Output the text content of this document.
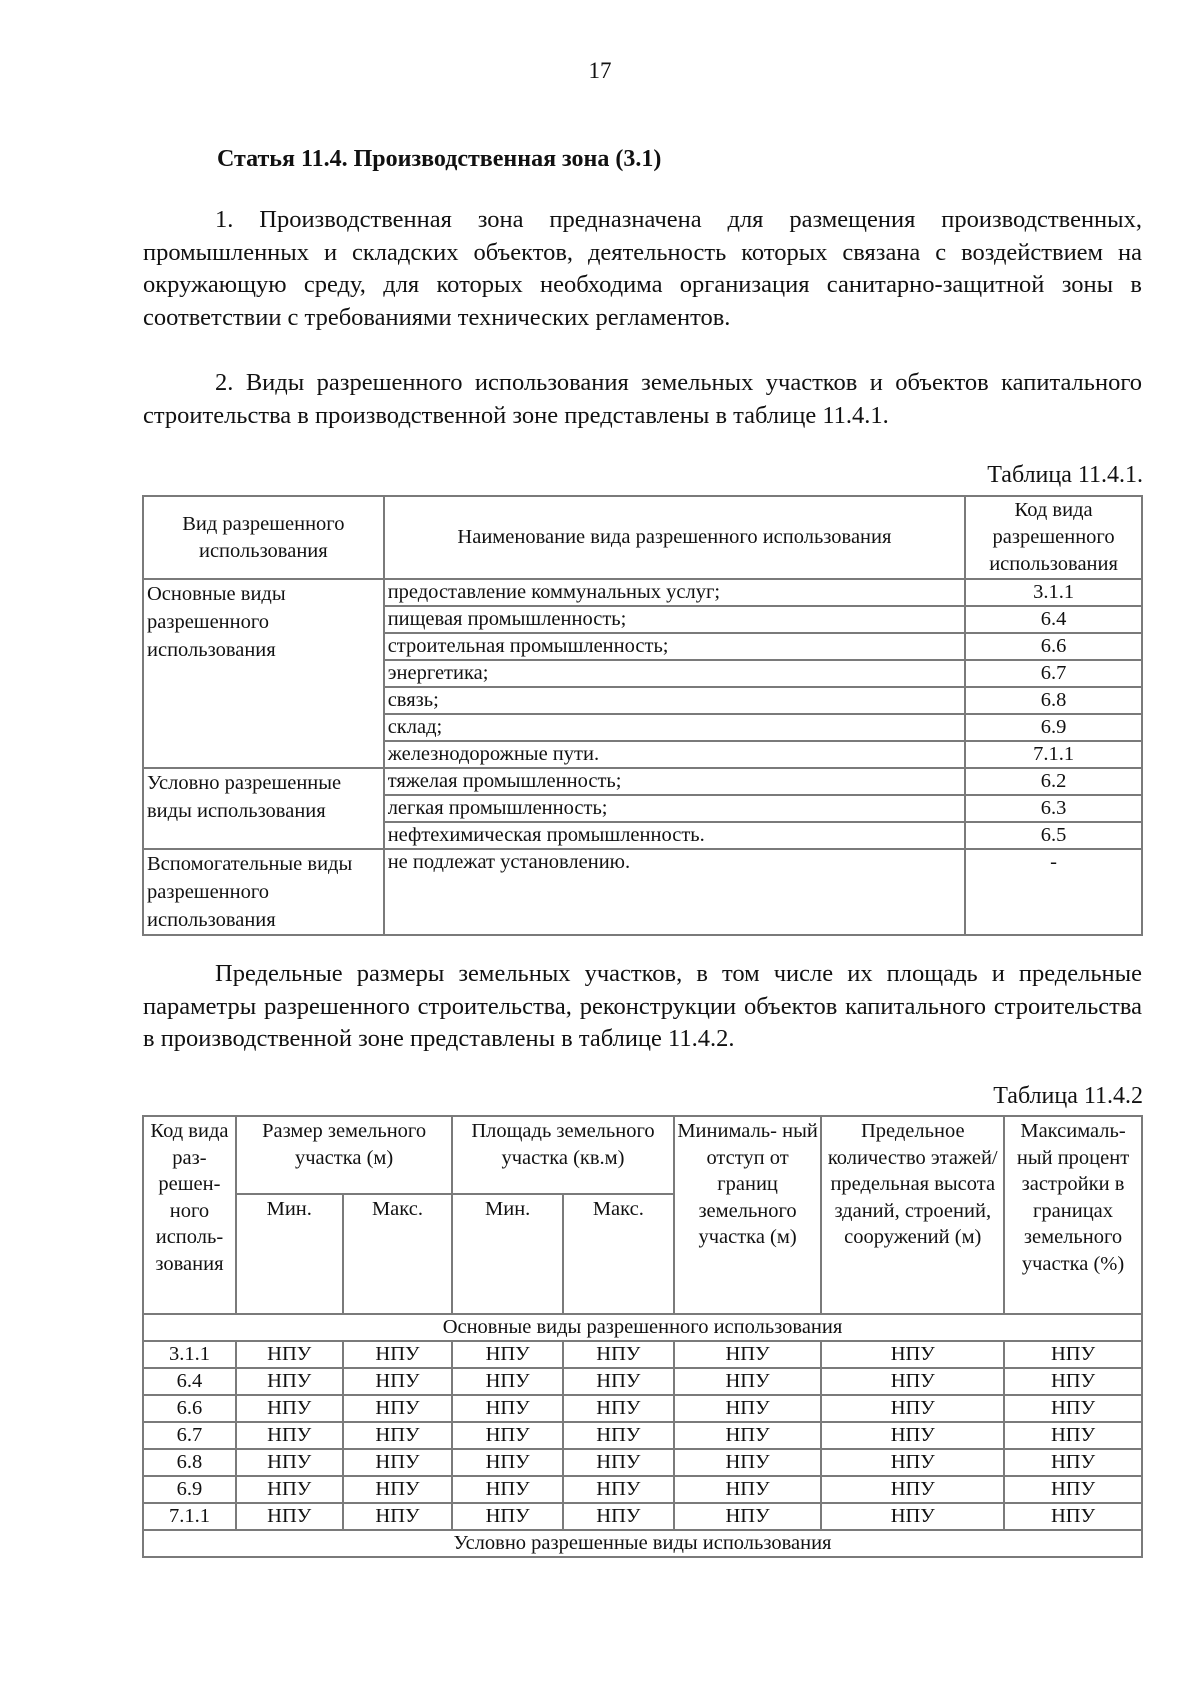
17
Статья 11.4. Производственная зона (3.1)

1. Производственная зона предназначена для размещения производственных, промышленных и складских объектов, деятельность которых связана с воздействием на окружающую среду, для которых необходима организация санитарно-защитной зоны в соответствии с требованиями технических регламентов.

2. Виды разрешенного использования земельных участков и объектов капитального строительства в производственной зоне представлены в таблице 11.4.1.

Таблица 11.4.1.
Вид разрешенного использования	Наименование вида разрешенного использования	Код вида разрешенного использования
Основные виды разрешенного использования	предоставление коммунальных услуг;	3.1.1
	пищевая промышленность;	6.4
	строительная промышленность;	6.6
	энергетика;	6.7
	связь;	6.8
	склад;	6.9
	железнодорожные пути.	7.1.1
Условно разрешенные виды использования	тяжелая промышленность;	6.2
	легкая промышленность;	6.3
	нефтехимическая промышленность.	6.5
Вспомогательные виды разрешенного использования	не подлежат установлению.	-

Предельные размеры земельных участков, в том числе их площадь и предельные параметры разрешенного строительства, реконструкции объектов капитального строительства в производственной зоне представлены в таблице 11.4.2.

Таблица 11.4.2
Код вида раз- решен- ного исполь- зования	Размер земельного участка (м)		Площадь земельного участка (кв.м)		Минималь- ный отступ от границ земельного участка (м)	Предельное количество этажей/ предельная высота зданий, строений, сооружений (м)	Максималь- ный процент застройки в границах земельного участка (%)
	Мин.	Макс.	Мин.	Макс.			
Основные виды разрешенного использования							
3.1.1	НПУ	НПУ	НПУ	НПУ	НПУ	НПУ	НПУ
6.4	НПУ	НПУ	НПУ	НПУ	НПУ	НПУ	НПУ
6.6	НПУ	НПУ	НПУ	НПУ	НПУ	НПУ	НПУ
6.7	НПУ	НПУ	НПУ	НПУ	НПУ	НПУ	НПУ
6.8	НПУ	НПУ	НПУ	НПУ	НПУ	НПУ	НПУ
6.9	НПУ	НПУ	НПУ	НПУ	НПУ	НПУ	НПУ
7.1.1	НПУ	НПУ	НПУ	НПУ	НПУ	НПУ	НПУ
Условно разрешенные виды использования							
